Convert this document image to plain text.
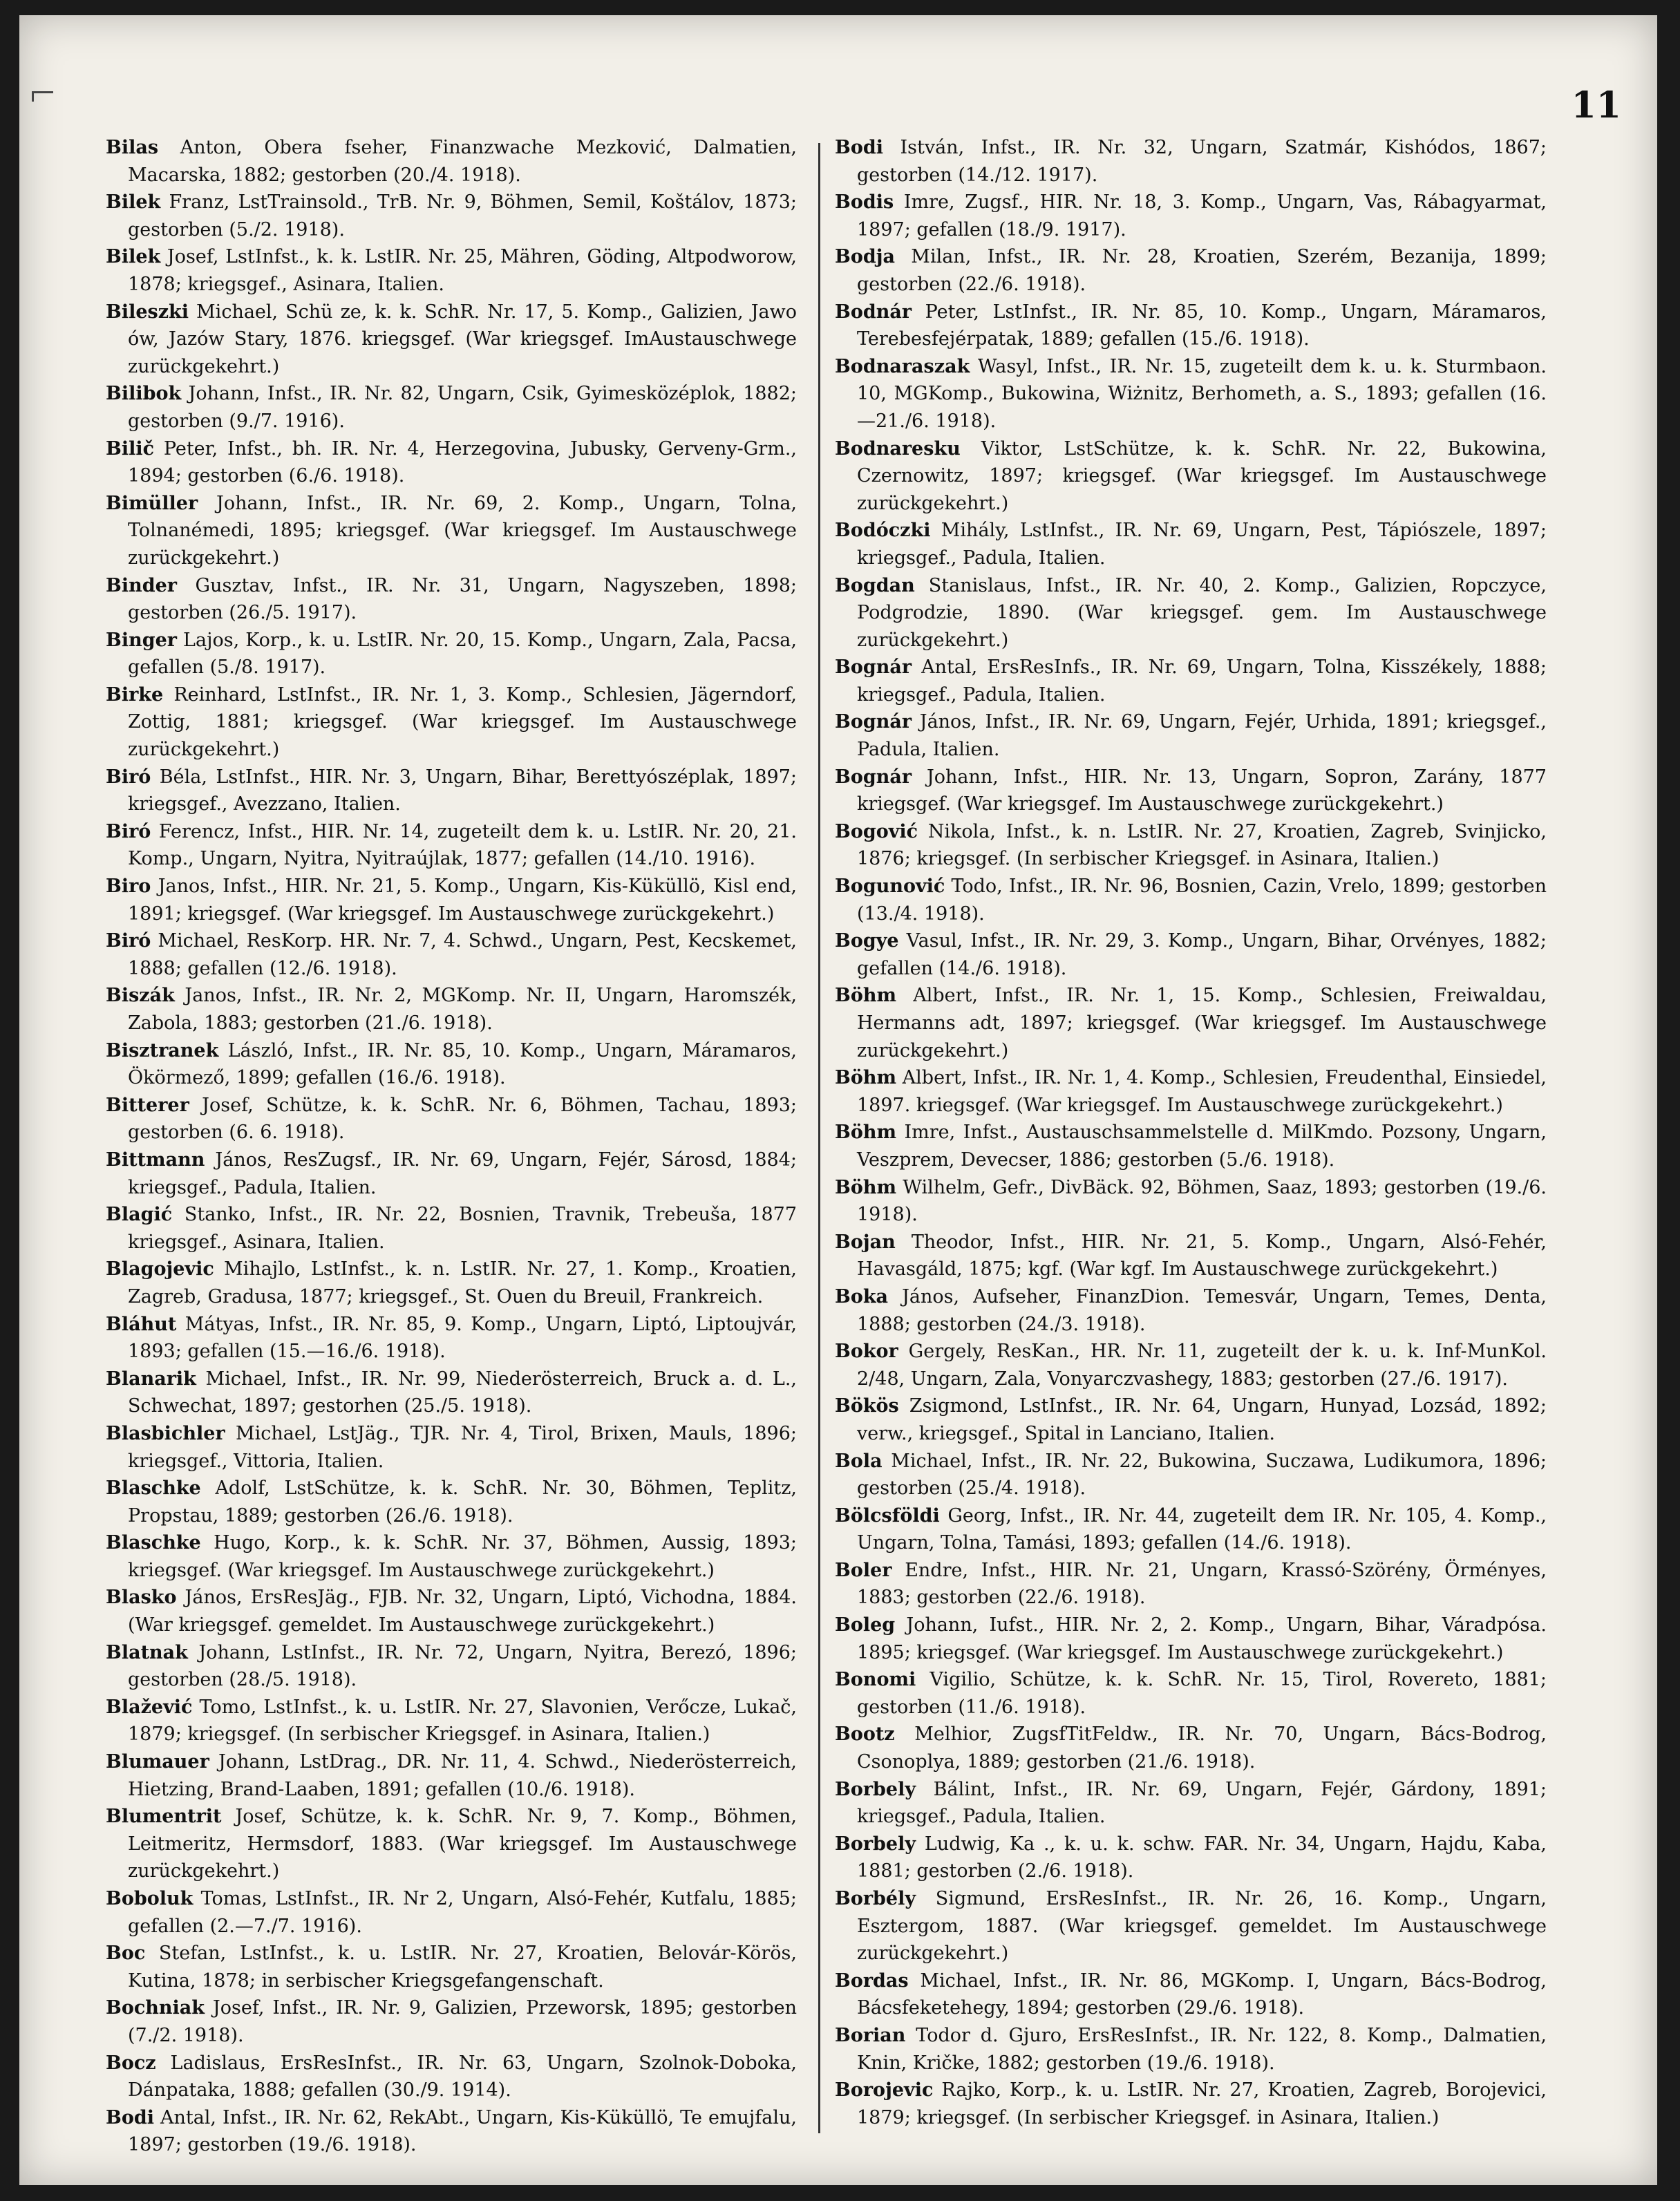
11

Bilas Anton, Obera fseher, Finanzwache Mezković, Dalmatien, Macarska, 1882; gestorben (20./4. 1918).

Bilek Franz, LstTrainsold., TrB. Nr. 9, Böhmen, Semil, Koštálov, 1873; gestorben (5./2. 1918).

Bilek Josef, LstInfst., k. k. LstIR. Nr. 25, Mähren, Göding, Altpodworow, 1878; kriegsgef., Asinara, Italien.

Bileszki Michael, Schü ze, k. k. SchR. Nr. 17, 5. Komp., Galizien, Jawo ów, Jazów Stary, 1876. kriegsgef. (War kriegsgef. ImAustauschwege zurückgekehrt.)

Bilibok Johann, Infst., IR. Nr. 82, Ungarn, Csik, Gyimesközéplok, 1882; gestorben (9./7. 1916).

Bilič Peter, Infst., bh. IR. Nr. 4, Herzegovina, Jubusky, Gerveny-Grm., 1894; gestorben (6./6. 1918).

Bimüller Johann, Infst., IR. Nr. 69, 2. Komp., Ungarn, Tolna, Tolnanémedi, 1895; kriegsgef. (War kriegsgef. Im Austauschwege zurückgekehrt.)

Binder Gusztav, Infst., IR. Nr. 31, Ungarn, Nagyszeben, 1898; gestorben (26./5. 1917).

Binger Lajos, Korp., k. u. LstIR. Nr. 20, 15. Komp., Ungarn, Zala, Pacsa, gefallen (5./8. 1917).

Birke Reinhard, LstInfst., IR. Nr. 1, 3. Komp., Schlesien, Jägerndorf, Zottig, 1881; kriegsgef. (War kriegsgef. Im Austauschwege zurückgekehrt.)

Biró Béla, LstInfst., HIR. Nr. 3, Ungarn, Bihar, Berettyószéplak, 1897; kriegsgef., Avezzano, Italien.

Biró Ferencz, Infst., HIR. Nr. 14, zugeteilt dem k. u. LstIR. Nr. 20, 21. Komp., Ungarn, Nyitra, Nyitraújlak, 1877; gefallen (14./10. 1916).

Biro Janos, Infst., HIR. Nr. 21, 5. Komp., Ungarn, Kis-Küküllö, Kisl end, 1891; kriegsgef. (War kriegsgef. Im Austauschwege zurückgekehrt.)

Biró Michael, ResKorp. HR. Nr. 7, 4. Schwd., Ungarn, Pest, Kecskemet, 1888; gefallen (12./6. 1918).

Biszák Janos, Infst., IR. Nr. 2, MGKomp. Nr. II, Ungarn, Haromszék, Zabola, 1883; gestorben (21./6. 1918).

Bisztranek László, Infst., IR. Nr. 85, 10. Komp., Ungarn, Máramaros, Ökörmező, 1899; gefallen (16./6. 1918).

Bitterer Josef, Schütze, k. k. SchR. Nr. 6, Böhmen, Tachau, 1893; gestorben (6. 6. 1918).

Bittmann János, ResZugsf., IR. Nr. 69, Ungarn, Fejér, Sárosd, 1884; kriegsgef., Padula, Italien.

Blagić Stanko, Infst., IR. Nr. 22, Bosnien, Travnik, Trebeuša, 1877 kriegsgef., Asinara, Italien.

Blagojevic Mihajlo, LstInfst., k. n. LstIR. Nr. 27, 1. Komp., Kroatien, Zagreb, Gradusa, 1877; kriegsgef., St. Ouen du Breuil, Frankreich.

Bláhut Mátyas, Infst., IR. Nr. 85, 9. Komp., Ungarn, Liptó, Liptoujvár, 1893; gefallen (15.—16./6. 1918).

Blanarik Michael, Infst., IR. Nr. 99, Niederösterreich, Bruck a. d. L., Schwechat, 1897; gestorhen (25./5. 1918).

Blasbichler Michael, LstJäg., TJR. Nr. 4, Tirol, Brixen, Mauls, 1896; kriegsgef., Vittoria, Italien.

Blaschke Adolf, LstSchütze, k. k. SchR. Nr. 30, Böhmen, Teplitz, Propstau, 1889; gestorben (26./6. 1918).

Blaschke Hugo, Korp., k. k. SchR. Nr. 37, Böhmen, Aussig, 1893; kriegsgef. (War kriegsgef. Im Austauschwege zurückgekehrt.)

Blasko János, ErsResJäg., FJB. Nr. 32, Ungarn, Liptó, Vichodna, 1884. (War kriegsgef. gemeldet. Im Austauschwege zurückgekehrt.)

Blatnak Johann, LstInfst., IR. Nr. 72, Ungarn, Nyitra, Berezó, 1896; gestorben (28./5. 1918).

Blažević Tomo, LstInfst., k. u. LstIR. Nr. 27, Slavonien, Verőcze, Lukač, 1879; kriegsgef. (In serbischer Kriegsgef. in Asinara, Italien.)

Blumauer Johann, LstDrag., DR. Nr. 11, 4. Schwd., Niederösterreich, Hietzing, Brand-Laaben, 1891; gefallen (10./6. 1918).

Blumentrit Josef, Schütze, k. k. SchR. Nr. 9, 7. Komp., Böhmen, Leitmeritz, Hermsdorf, 1883. (War kriegsgef. Im Austauschwege zurückgekehrt.)

Boboluk Tomas, LstInfst., IR. Nr 2, Ungarn, Alsó-Fehér, Kutfalu, 1885; gefallen (2.—7./7. 1916).

Boc Stefan, LstInfst., k. u. LstIR. Nr. 27, Kroatien, Belovár-Körös, Kutina, 1878; in serbischer Kriegsgefangenschaft.

Bochniak Josef, Infst., IR. Nr. 9, Galizien, Przeworsk, 1895; gestorben (7./2. 1918).

Bocz Ladislaus, ErsResInfst., IR. Nr. 63, Ungarn, Szolnok-Doboka, Dánpataka, 1888; gefallen (30./9. 1914).

Bodi Antal, Infst., IR. Nr. 62, RekAbt., Ungarn, Kis-Küküllö, Te emujfalu, 1897; gestorben (19./6. 1918).

Bodi István, Infst., IR. Nr. 32, Ungarn, Szatmár, Kishódos, 1867; gestorben (14./12. 1917).

Bodis Imre, Zugsf., HIR. Nr. 18, 3. Komp., Ungarn, Vas, Rábagyarmat, 1897; gefallen (18./9. 1917).

Bodja Milan, Infst., IR. Nr. 28, Kroatien, Szerém, Bezanija, 1899; gestorben (22./6. 1918).

Bodnár Peter, LstInfst., IR. Nr. 85, 10. Komp., Ungarn, Máramaros, Terebesfejérpatak, 1889; gefallen (15./6. 1918).

Bodnaraszak Wasyl, Infst., IR. Nr. 15, zugeteilt dem k. u. k. Sturmbaon. 10, MGKomp., Bukowina, Wiżnitz, Berhometh, a. S., 1893; gefallen (16.—21./6. 1918).

Bodnaresku Viktor, LstSchütze, k. k. SchR. Nr. 22, Bukowina, Czernowitz, 1897; kriegsgef. (War kriegsgef. Im Austauschwege zurückgekehrt.)

Bodóczki Mihály, LstInfst., IR. Nr. 69, Ungarn, Pest, Tápiószele, 1897; kriegsgef., Padula, Italien.

Bogdan Stanislaus, Infst., IR. Nr. 40, 2. Komp., Galizien, Ropczyce, Podgrodzie, 1890. (War kriegsgef. gem. Im Austauschwege zurückgekehrt.)

Bognár Antal, ErsResInfs., IR. Nr. 69, Ungarn, Tolna, Kisszékely, 1888; kriegsgef., Padula, Italien.

Bognár János, Infst., IR. Nr. 69, Ungarn, Fejér, Urhida, 1891; kriegsgef., Padula, Italien.

Bognár Johann, Infst., HIR. Nr. 13, Ungarn, Sopron, Zarány, 1877 kriegsgef. (War kriegsgef. Im Austauschwege zurückgekehrt.)

Bogović Nikola, Infst., k. n. LstIR. Nr. 27, Kroatien, Zagreb, Svinjicko, 1876; kriegsgef. (In serbischer Kriegsgef. in Asinara, Italien.)

Bogunović Todo, Infst., IR. Nr. 96, Bosnien, Cazin, Vrelo, 1899; gestorben (13./4. 1918).

Bogye Vasul, Infst., IR. Nr. 29, 3. Komp., Ungarn, Bihar, Orvényes, 1882; gefallen (14./6. 1918).

Böhm Albert, Infst., IR. Nr. 1, 15. Komp., Schlesien, Freiwaldau, Hermanns adt, 1897; kriegsgef. (War kriegsgef. Im Austauschwege zurückgekehrt.)

Böhm Albert, Infst., IR. Nr. 1, 4. Komp., Schlesien, Freudenthal, Einsiedel, 1897. kriegsgef. (War kriegsgef. Im Austauschwege zurückgekehrt.)

Böhm Imre, Infst., Austauschsammelstelle d. MilKmdo. Pozsony, Ungarn, Veszprem, Devecser, 1886; gestorben (5./6. 1918).

Böhm Wilhelm, Gefr., DivBäck. 92, Böhmen, Saaz, 1893; gestorben (19./6. 1918).

Bojan Theodor, Infst., HIR. Nr. 21, 5. Komp., Ungarn, Alsó-Fehér, Havasgáld, 1875; kgf. (War kgf. Im Austauschwege zurückgekehrt.)

Boka János, Aufseher, FinanzDion. Temesvár, Ungarn, Temes, Denta, 1888; gestorben (24./3. 1918).

Bokor Gergely, ResKan., HR. Nr. 11, zugeteilt der k. u. k. Inf-MunKol. 2/48, Ungarn, Zala, Vonyarczvashegy, 1883; gestorben (27./6. 1917).

Bökös Zsigmond, LstInfst., IR. Nr. 64, Ungarn, Hunyad, Lozsád, 1892; verw., kriegsgef., Spital in Lanciano, Italien.

Bola Michael, Infst., IR. Nr. 22, Bukowina, Suczawa, Ludikumora, 1896; gestorben (25./4. 1918).

Bölcsföldi Georg, Infst., IR. Nr. 44, zugeteilt dem IR. Nr. 105, 4. Komp., Ungarn, Tolna, Tamási, 1893; gefallen (14./6. 1918).

Boler Endre, Infst., HIR. Nr. 21, Ungarn, Krassó-Szörény, Örményes, 1883; gestorben (22./6. 1918).

Boleg Johann, Iufst., HIR. Nr. 2, 2. Komp., Ungarn, Bihar, Váradpósa. 1895; kriegsgef. (War kriegsgef. Im Austauschwege zurückgekehrt.)

Bonomi Vigilio, Schütze, k. k. SchR. Nr. 15, Tirol, Rovereto, 1881; gestorben (11./6. 1918).

Bootz Melhior, ZugsfTitFeldw., IR. Nr. 70, Ungarn, Bács-Bodrog, Csonoplya, 1889; gestorben (21./6. 1918).

Borbely Bálint, Infst., IR. Nr. 69, Ungarn, Fejér, Gárdony, 1891; kriegsgef., Padula, Italien.

Borbely Ludwig, Ka ., k. u. k. schw. FAR. Nr. 34, Ungarn, Hajdu, Kaba, 1881; gestorben (2./6. 1918).

Borbély Sigmund, ErsResInfst., IR. Nr. 26, 16. Komp., Ungarn, Esztergom, 1887. (War kriegsgef. gemeldet. Im Austauschwege zurückgekehrt.)

Bordas Michael, Infst., IR. Nr. 86, MGKomp. I, Ungarn, Bács-Bodrog, Bácsfeketehegy, 1894; gestorben (29./6. 1918).

Borian Todor d. Gjuro, ErsResInfst., IR. Nr. 122, 8. Komp., Dalmatien, Knin, Kričke, 1882; gestorben (19./6. 1918).

Borojevic Rajko, Korp., k. u. LstIR. Nr. 27, Kroatien, Zagreb, Borojevici, 1879; kriegsgef. (In serbischer Kriegsgef. in Asinara, Italien.)
